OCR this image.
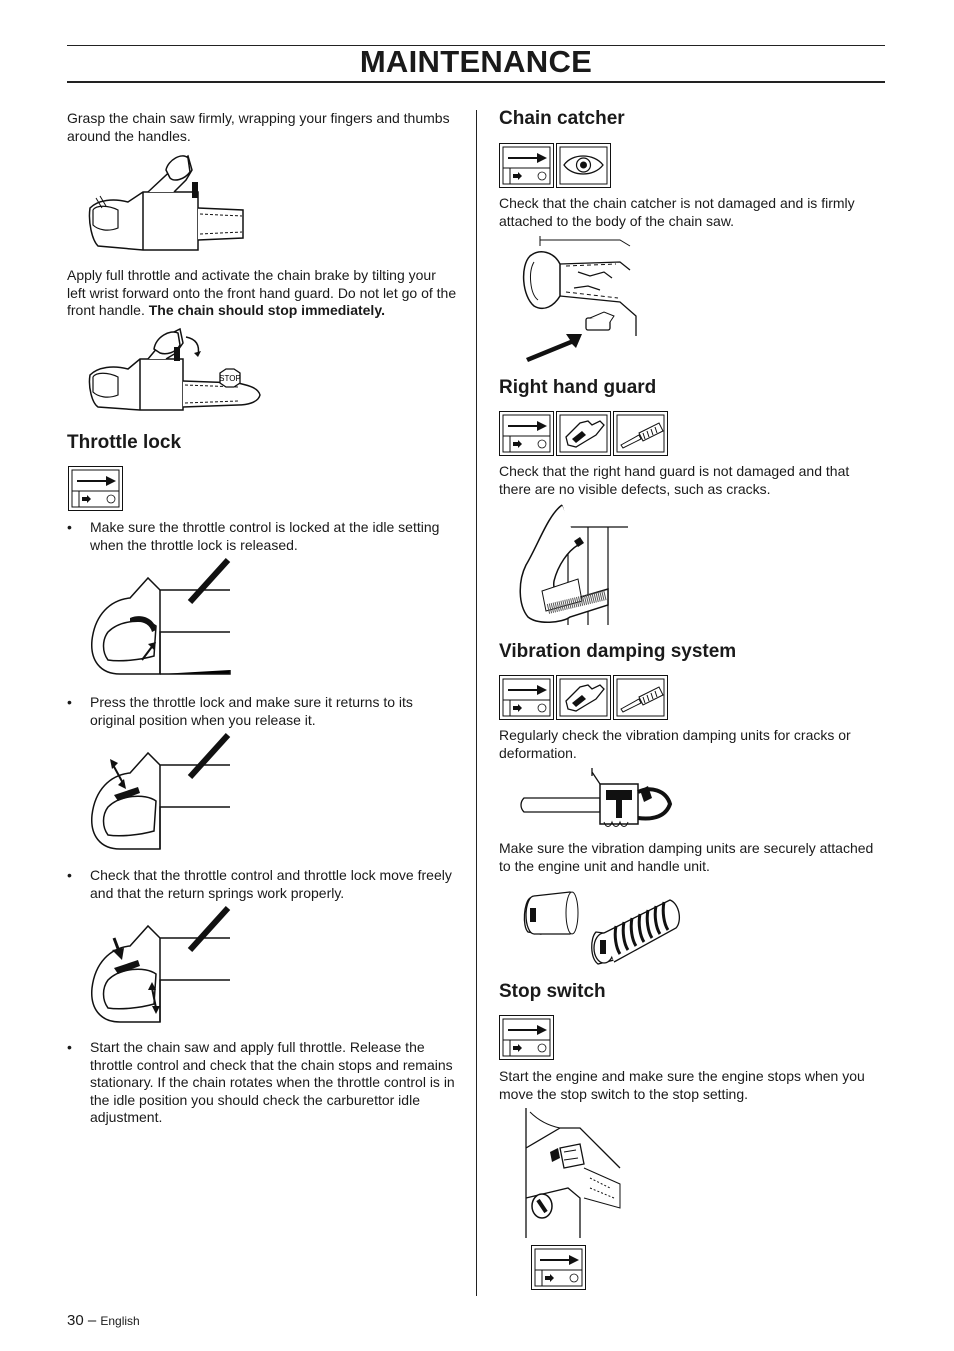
MAINTENANCE

Grasp the chain saw firmly, wrapping your fingers and thumbs around the handles.

Apply full throttle and activate the chain brake by tilting your left wrist forward onto the front hand guard. Do not let go of the front handle. The chain should stop immediately.

STOP
Throttle lock
• Make sure the throttle control is locked at the idle setting when the throttle lock is released.
• Press the throttle lock and make sure it returns to its original position when you release it.
• Check that the throttle control and throttle lock move freely and that the return springs work properly.
• Start the chain saw and apply full throttle. Release the throttle control and check that the chain stops and remains stationary. If the chain rotates when the throttle control is in the idle position you should check the carburettor idle adjustment.
Chain catcher

Check that the chain catcher is not damaged and is firmly attached to the body of the chain saw.

Right hand guard

Check that the right hand guard is not damaged and that there are no visible defects, such as cracks.

Vibration damping system

Regularly check the vibration damping units for cracks or deformation.

Make sure the vibration damping units are securely attached to the engine unit and handle unit.

Stop switch

Start the engine and make sure the engine stops when you move the stop switch to the stop setting.

30 – English
